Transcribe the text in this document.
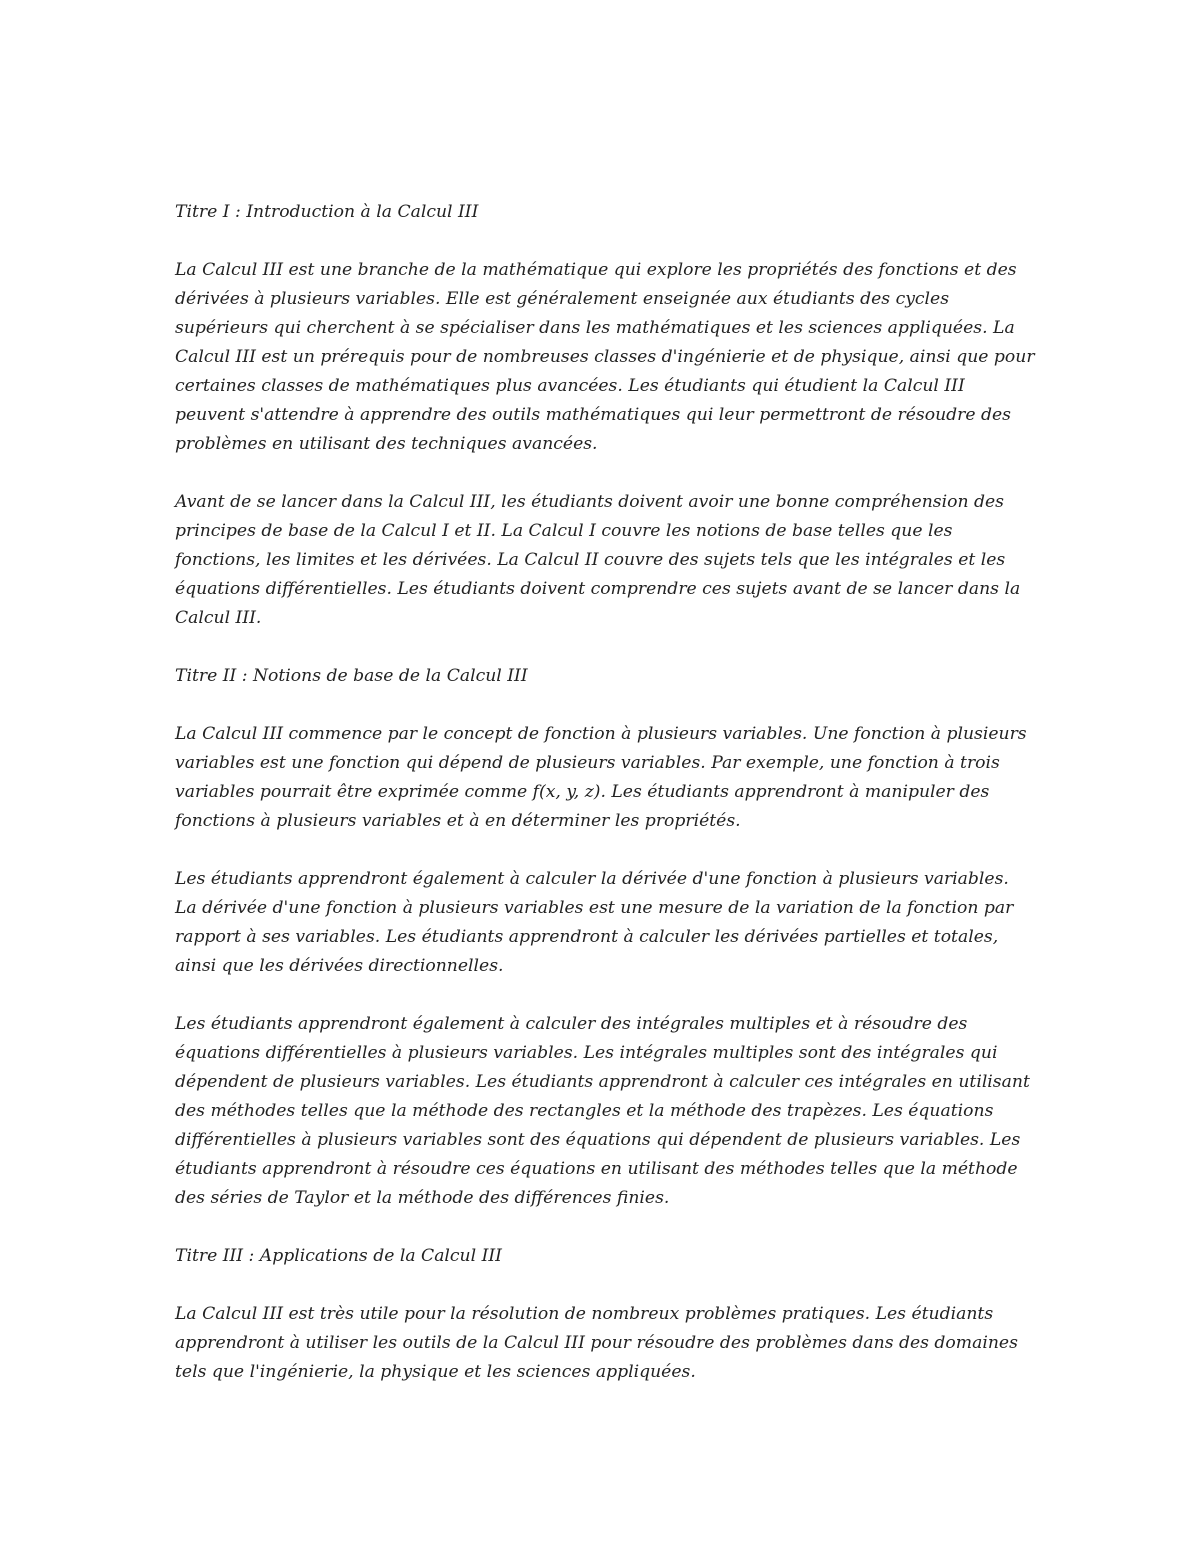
Titre I : Introduction à la Calcul III

La Calcul III est une branche de la mathématique qui explore les propriétés des fonctions et des dérivées à plusieurs variables. Elle est généralement enseignée aux étudiants des cycles supérieurs qui cherchent à se spécialiser dans les mathématiques et les sciences appliquées. La Calcul III est un prérequis pour de nombreuses classes d'ingénierie et de physique, ainsi que pour certaines classes de mathématiques plus avancées. Les étudiants qui étudient la Calcul III peuvent s'attendre à apprendre des outils mathématiques qui leur permettront de résoudre des problèmes en utilisant des techniques avancées.

Avant de se lancer dans la Calcul III, les étudiants doivent avoir une bonne compréhension des principes de base de la Calcul I et II. La Calcul I couvre les notions de base telles que les fonctions, les limites et les dérivées. La Calcul II couvre des sujets tels que les intégrales et les équations différentielles. Les étudiants doivent comprendre ces sujets avant de se lancer dans la Calcul III.

Titre II : Notions de base de la Calcul III

La Calcul III commence par le concept de fonction à plusieurs variables. Une fonction à plusieurs variables est une fonction qui dépend de plusieurs variables. Par exemple, une fonction à trois variables pourrait être exprimée comme f(x, y, z). Les étudiants apprendront à manipuler des fonctions à plusieurs variables et à en déterminer les propriétés.

Les étudiants apprendront également à calculer la dérivée d'une fonction à plusieurs variables. La dérivée d'une fonction à plusieurs variables est une mesure de la variation de la fonction par rapport à ses variables. Les étudiants apprendront à calculer les dérivées partielles et totales, ainsi que les dérivées directionnelles.

Les étudiants apprendront également à calculer des intégrales multiples et à résoudre des équations différentielles à plusieurs variables. Les intégrales multiples sont des intégrales qui dépendent de plusieurs variables. Les étudiants apprendront à calculer ces intégrales en utilisant des méthodes telles que la méthode des rectangles et la méthode des trapèzes. Les équations différentielles à plusieurs variables sont des équations qui dépendent de plusieurs variables. Les étudiants apprendront à résoudre ces équations en utilisant des méthodes telles que la méthode des séries de Taylor et la méthode des différences finies.

Titre III : Applications de la Calcul III

La Calcul III est très utile pour la résolution de nombreux problèmes pratiques. Les étudiants apprendront à utiliser les outils de la Calcul III pour résoudre des problèmes dans des domaines tels que l'ingénierie, la physique et les sciences appliquées.
